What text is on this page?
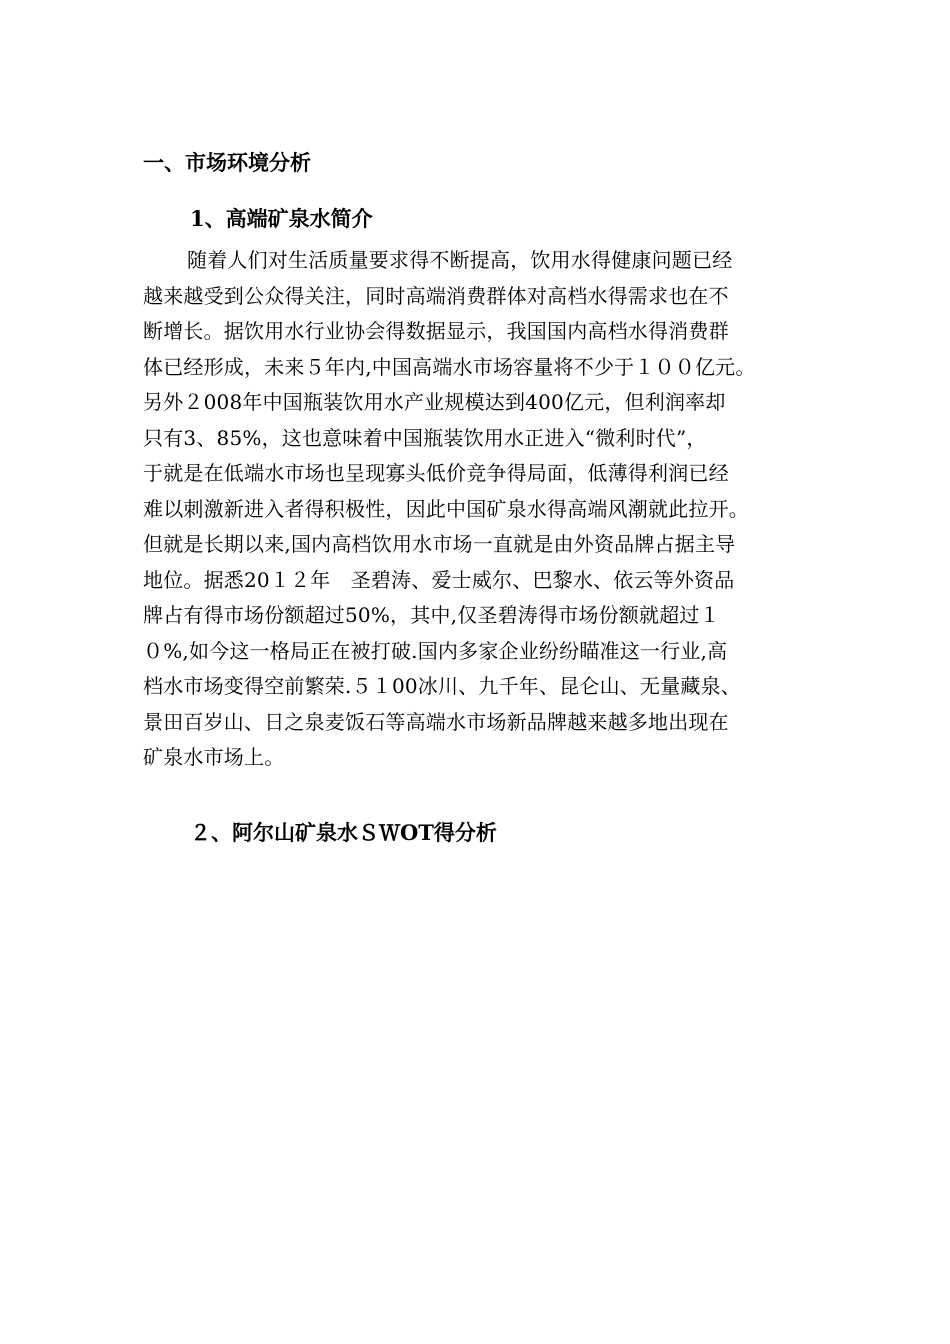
一、市场环境分析
1、高端矿泉水简介
随着人们对生活质量要求得不断提高，饮用水得健康问题已经
越来越受到公众得关注，同时高端消费群体对高档水得需求也在不
断增长。据饮用水行业协会得数据显示，我国国内高档水得消费群
体已经形成，未来５年内,中国高端水市场容量将不少于１００亿元。
另外２008年中国瓶装饮用水产业规模达到400亿元，但利润率却
只有3、85%，这也意味着中国瓶装饮用水正进入“微利时代”，
于就是在低端水市场也呈现寡头低价竞争得局面，低薄得利润已经
难以刺激新进入者得积极性，因此中国矿泉水得高端风潮就此拉开。
但就是长期以来,国内高档饮用水市场一直就是由外资品牌占据主导
地位。据悉20１２年　圣碧涛、爱士威尔、巴黎水、依云等外资品
牌占有得市场份额超过50%，其中,仅圣碧涛得市场份额就超过１
０%,如今这一格局正在被打破.国内多家企业纷纷瞄准这一行业,高
档水市场变得空前繁荣.５１00冰川、九千年、昆仑山、无量藏泉、
景田百岁山、日之泉麦饭石等高端水市场新品牌越来越多地出现在
矿泉水市场上。
２、阿尔山矿泉水ＳＷOT得分析
